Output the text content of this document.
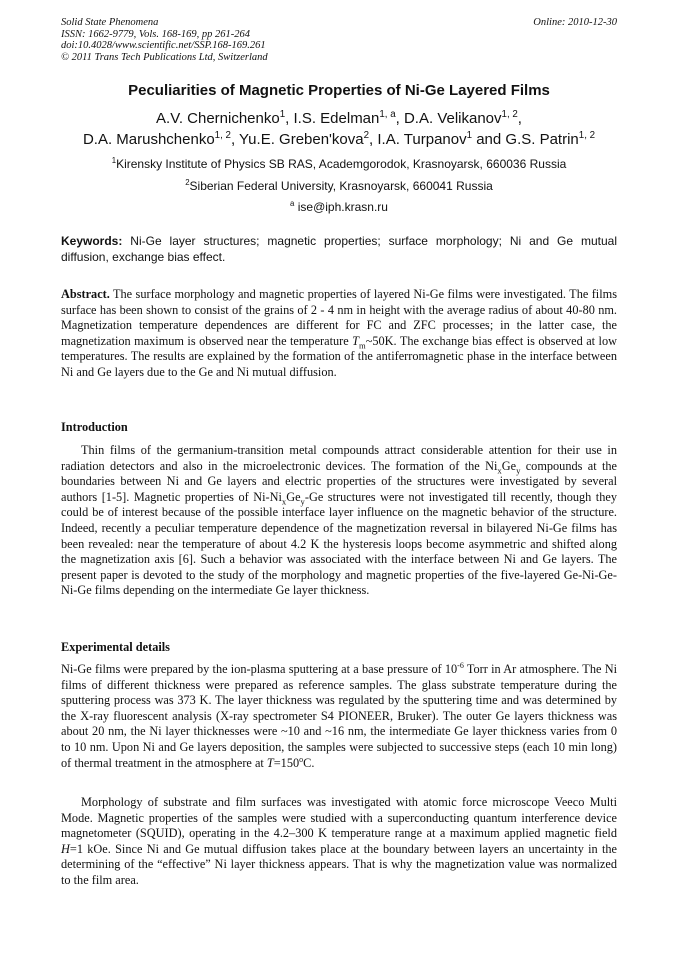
Solid State Phenomena
ISSN: 1662-9779, Vols. 168-169, pp 261-264
doi:10.4028/www.scientific.net/SSP.168-169.261
© 2011 Trans Tech Publications Ltd, Switzerland
Online: 2010-12-30
Peculiarities of Magnetic Properties of Ni-Ge Layered Films
A.V. Chernichenko$^1$, I.S. Edelman$^{1, a}$, D.A. Velikanov$^{1, 2}$,
D.A. Marushchenko$^{1, 2}$, Yu.E. Greben'kova$^2$, I.A. Turpanov$^1$ and G.S. Patrin$^{1, 2}$
$^1$Kirensky Institute of Physics SB RAS, Academgorodok, Krasnoyarsk, 660036 Russia
$^2$Siberian Federal University, Krasnoyarsk, 660041 Russia
$^a$ ise@iph.krasn.ru
Keywords: Ni-Ge layer structures; magnetic properties; surface morphology; Ni and Ge mutual diffusion, exchange bias effect.

Abstract. The surface morphology and magnetic properties of layered Ni-Ge films were investigated. The films surface has been shown to consist of the grains of 2 - 4 nm in height with the average radius of about 40-80 nm. Magnetization temperature dependences are different for FC and ZFC processes; in the latter case, the magnetization maximum is observed near the temperature $T_m\sim 50K$. The exchange bias effect is observed at low temperatures. The results are explained by the formation of the antiferromagnetic phase in the interface between Ni and Ge layers due to the Ge and Ni mutual diffusion.

Introduction

Thin films of the germanium-transition metal compounds attract considerable attention for their use in radiation detectors and also in the microelectronic devices. The formation of the $Ni_xGe_y$ compounds at the boundaries between Ni and Ge layers and electric properties of the structures were investigated by several authors [1-5]. Magnetic properties of $Ni-Ni_xGe_y-Ge$ structures were not investigated till recently, though they could be of interest because of the possible interface layer influence on the magnetic behavior of the structure. Indeed, recently a peculiar temperature dependence of the magnetization reversal in bilayered Ni-Ge films has been revealed: near the temperature of about 4.2 K the hysteresis loops become asymmetric and shifted along the magnetization axis [6]. Such a behavior was associated with the interface between Ni and Ge layers. The present paper is devoted to the study of the morphology and magnetic properties of the five-layered Ge-Ni-Ge-Ni-Ge films depending on the intermediate Ge layer thickness.

Experimental details

Ni-Ge films were prepared by the ion-plasma sputtering at a base pressure of $10^{-6}$ Torr in Ar atmosphere. The Ni films of different thickness were prepared as reference samples. The glass substrate temperature during the sputtering process was 373 K. The layer thickness was regulated by the sputtering time and was determined by the X-ray fluorescent analysis (X-ray spectrometer S4 PIONEER, Bruker). The outer Ge layers thickness was about 20 nm, the Ni layer thicknesses were ~10 and ~16 nm, the intermediate Ge layer thickness varies from 0 to 10 nm. Upon Ni and Ge layers deposition, the samples were subjected to successive steps (each 10 min long) of thermal treatment in the atmosphere at $T=150^oC$.

Morphology of substrate and film surfaces was investigated with atomic force microscope Veeco Multi Mode. Magnetic properties of the samples were studied with a superconducting quantum interference device magnetometer (SQUID), operating in the 4.2–300 K temperature range at a maximum applied magnetic field H=1 kOe. Since Ni and Ge mutual diffusion takes place at the boundary between layers an uncertainty in the determining of the “effective” Ni layer thickness appears. That is why the magnetization value was normalized to the film area.
